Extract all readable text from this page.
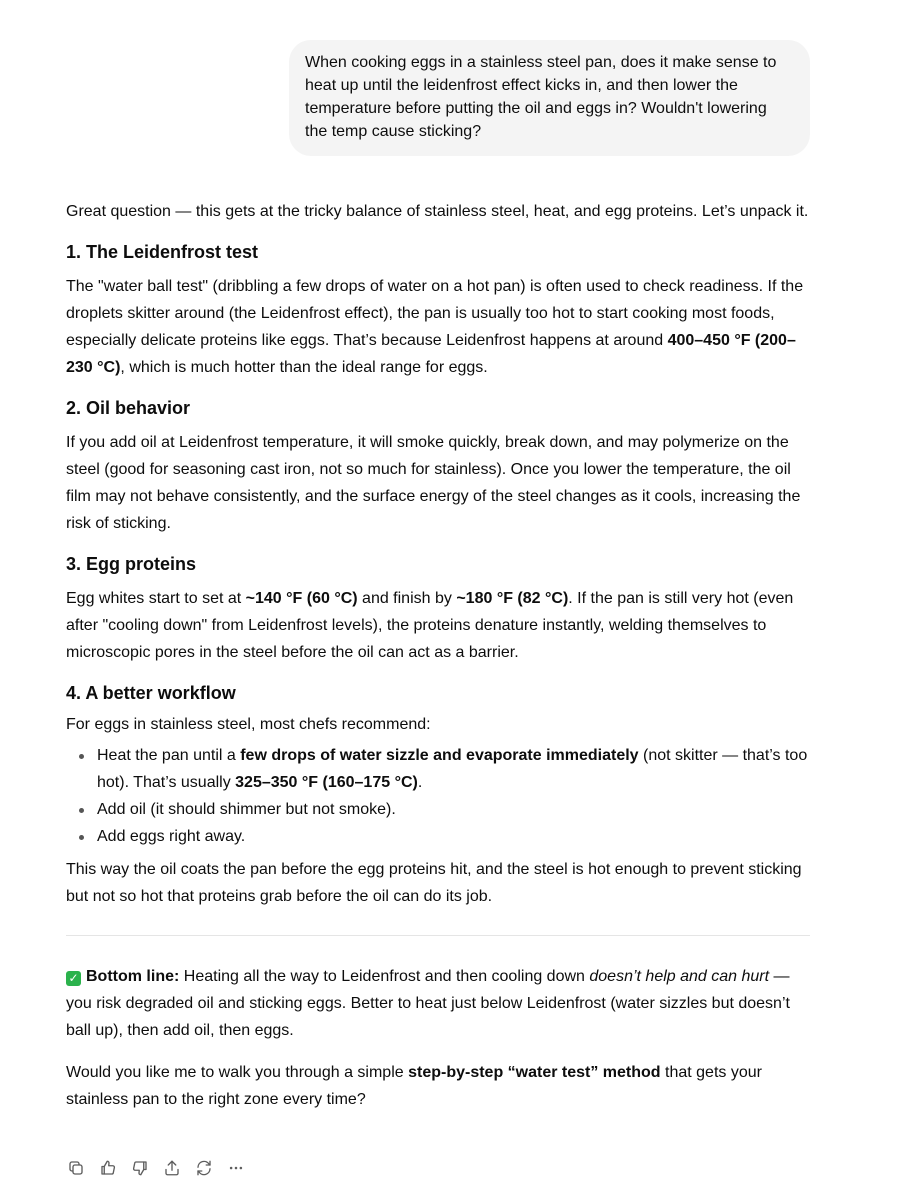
When cooking eggs in a stainless steel pan, does it make sense to heat up until the leidenfrost effect kicks in, and then lower the temperature before putting the oil and eggs in? Wouldn't lowering the temp cause sticking?

Great question — this gets at the tricky balance of stainless steel, heat, and egg proteins. Let’s unpack it.

1. The Leidenfrost test

The "water ball test" (dribbling a few drops of water on a hot pan) is often used to check readiness. If the droplets skitter around (the Leidenfrost effect), the pan is usually too hot to start cooking most foods, especially delicate proteins like eggs. That’s because Leidenfrost happens at around 400–450 °F (200–230 °C), which is much hotter than the ideal range for eggs.

2. Oil behavior

If you add oil at Leidenfrost temperature, it will smoke quickly, break down, and may polymerize on the steel (good for seasoning cast iron, not so much for stainless). Once you lower the temperature, the oil film may not behave consistently, and the surface energy of the steel changes as it cools, increasing the risk of sticking.

3. Egg proteins

Egg whites start to set at ~140 °F (60 °C) and finish by ~180 °F (82 °C). If the pan is still very hot (even after "cooling down" from Leidenfrost levels), the proteins denature instantly, welding themselves to microscopic pores in the steel before the oil can act as a barrier.

4. A better workflow

For eggs in stainless steel, most chefs recommend:

Heat the pan until a few drops of water sizzle and evaporate immediately (not skitter — that’s too hot). That’s usually 325–350 °F (160–175 °C).
Add oil (it should shimmer but not smoke).
Add eggs right away.

This way the oil coats the pan before the egg proteins hit, and the steel is hot enough to prevent sticking but not so hot that proteins grab before the oil can do its job.

✓ Bottom line: Heating all the way to Leidenfrost and then cooling down doesn’t help and can hurt — you risk degraded oil and sticking eggs. Better to heat just below Leidenfrost (water sizzles but doesn’t ball up), then add oil, then eggs.

Would you like me to walk you through a simple step-by-step “water test” method that gets your stainless pan to the right zone every time?
